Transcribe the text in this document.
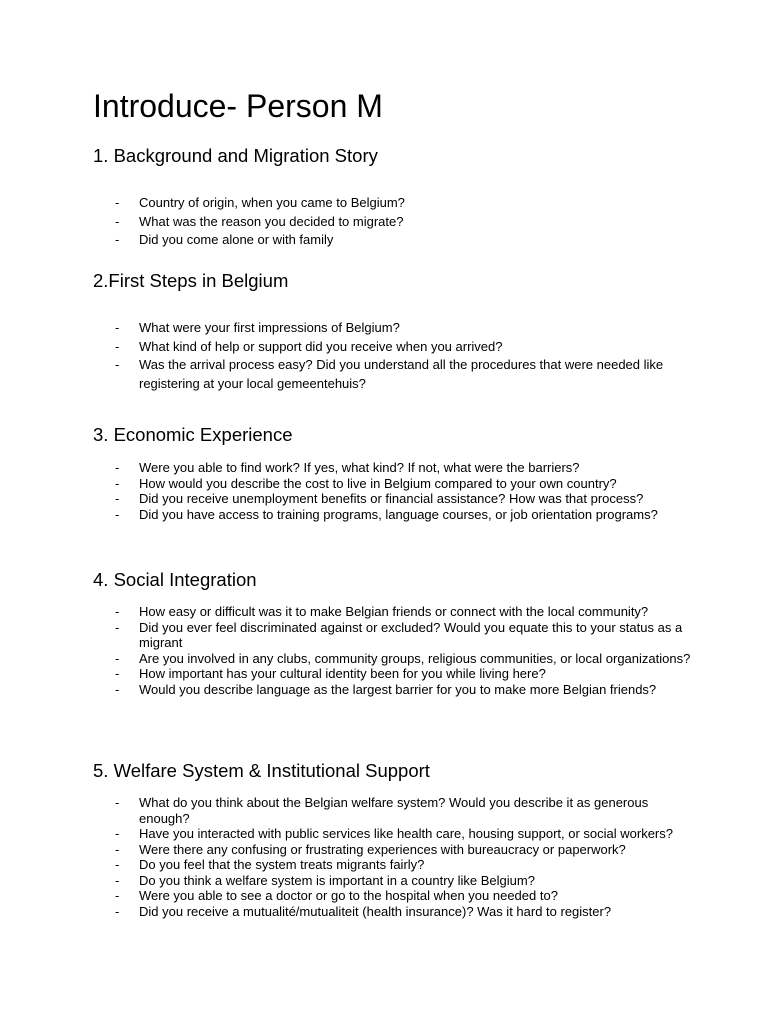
Introduce- Person M
1. Background and Migration Story
- Country of origin, when you came to Belgium?
- What was the reason you decided to migrate?
- Did you come alone or with family
2.First Steps in Belgium
- What were your first impressions of Belgium?
- What kind of help or support did you receive when you arrived?
- Was the arrival process easy? Did you understand all the procedures that were needed like registering at your local gemeentehuis?
3. Economic Experience
- Were you able to find work? If yes, what kind? If not, what were the barriers?
- How would you describe the cost to live in Belgium compared to your own country?
- Did you receive unemployment benefits or financial assistance? How was that process?
- Did you have access to training programs, language courses, or job orientation programs?
4. Social Integration
- How easy or difficult was it to make Belgian friends or connect with the local community?
- Did you ever feel discriminated against or excluded? Would you equate this to your status as a migrant
- Are you involved in any clubs, community groups, religious communities, or local organizations?
- How important has your cultural identity been for you while living here?
- Would you describe language as the largest barrier for you to make more Belgian friends?
5. Welfare System & Institutional Support
- What do you think about the Belgian welfare system? Would you describe it as generous enough?
- Have you interacted with public services like health care, housing support, or social workers?
- Were there any confusing or frustrating experiences with bureaucracy or paperwork?
- Do you feel that the system treats migrants fairly?
- Do you think a welfare system is important in a country like Belgium?
- Were you able to see a doctor or go to the hospital when you needed to?
- Did you receive a mutualité/mutualiteit (health insurance)? Was it hard to register?
